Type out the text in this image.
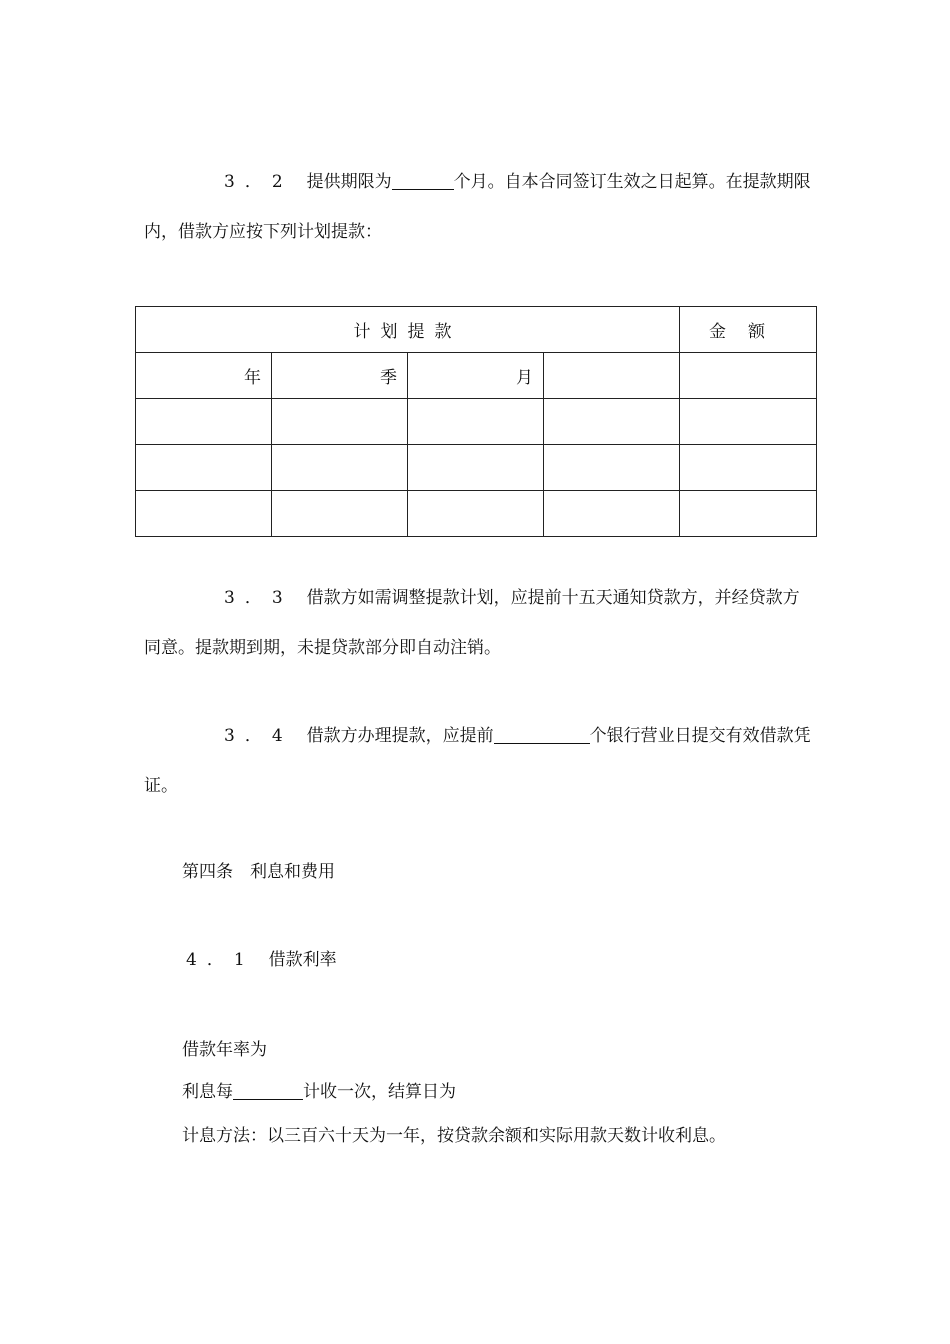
3．2 提供期限为	个月。自本合同签订生效之日起算。在提款期限内，借款方应按下列计划提款：

计划提款				金额
年	季	月		

3．3 借款方如需调整提款计划，应提前十五天通知贷款方，并经贷款方同意。提款期到期，未提贷款部分即自动注销。

3．4 借款方办理提款，应提前	个银行营业日提交有效借款凭证。

第四条　利息和费用

4．1 借款利率

借款年率为

利息每	计收一次，结算日为

计息方法：以三百六十天为一年，按贷款余额和实际用款天数计收利息。
